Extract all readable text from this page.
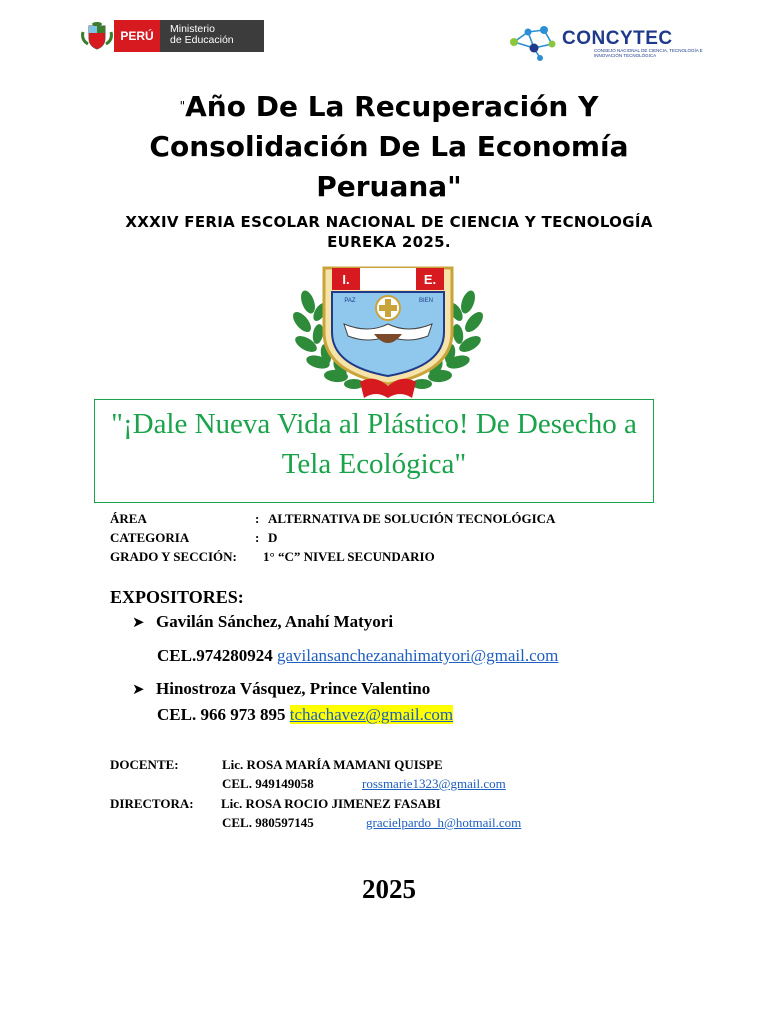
PERÚ	Ministerio
de Educación	CONCYTEC
CONSEJO NACIONAL DE CIENCIA, TECNOLOGÍA E INNOVACIÓN TECNOLÓGICA
"Año De La Recuperación Y Consolidación De La Economía Peruana"
XXXIV FERIA ESCOLAR NACIONAL DE CIENCIA Y TECNOLOGÍA EUREKA 2025.
I.	E.
PAZ	BIEN
"¡Dale Nueva Vida al Plástico! De Desecho a Tela Ecológica"
ÁREA	: ALTERNATIVA DE SOLUCIÓN TECNOLÓGICA
CATEGORIA	: D
GRADO Y SECCIÓN:	1° “C” NIVEL SECUNDARIO
EXPOSITORES:
➤ Gavilán Sánchez, Anahí Matyori
CEL.974280924 gavilansanchezanahimatyori@gmail.com
➤ Hinostroza Vásquez, Prince Valentino
CEL. 966 973 895 tchachavez@gmail.com
DOCENTE:	Lic. ROSA MARÍA MAMANI QUISPE
CEL. 949149058	rossmarie1323@gmail.com
DIRECTORA: Lic. ROSA ROCIO JIMENEZ FASABI
CEL. 980597145	gracielpardo_h@hotmail.com
2025
